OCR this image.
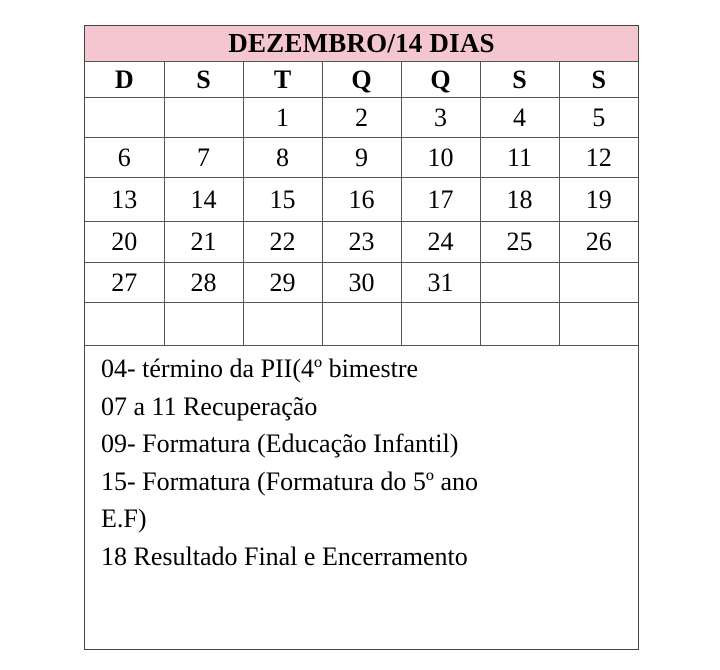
DEZEMBRO/14 DIAS
D	S	T	Q	Q	S	S
		1	2	3	4	5
6	7	8	9	10	11	12
13	14	15	16	17	18	19
20	21	22	23	24	25	26
27	28	29	30	31		

04- término da PII(4º bimestre
07 a 11 Recuperação
09- Formatura (Educação Infantil)
15- Formatura (Formatura do 5º ano
E.F)
18 Resultado Final e Encerramento
